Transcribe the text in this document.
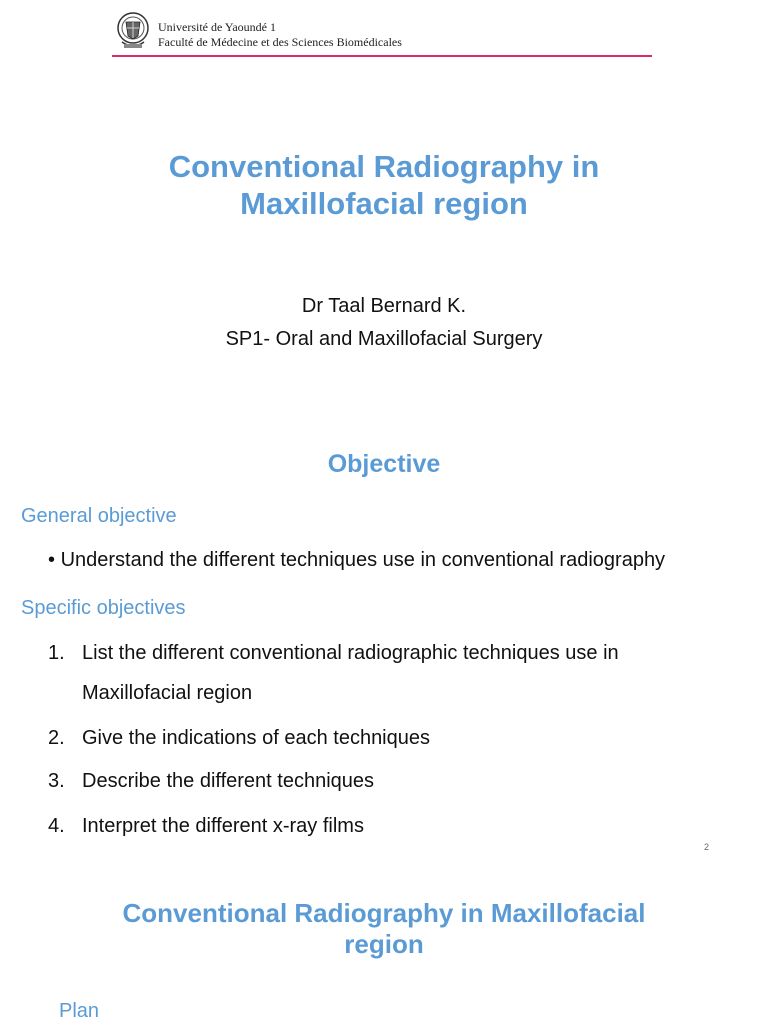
Université de Yaoundé 1
Faculté de Médecine et des Sciences Biomédicales
Conventional Radiography in
Maxillofacial region
Dr Taal Bernard K.
SP1- Oral and Maxillofacial Surgery
Objective
General objective
• Understand the different techniques use in conventional radiography
Specific objectives
1. List the different conventional radiographic techniques use in
Maxillofacial region
2. Give the indications of each techniques
3. Describe the different techniques
4. Interpret the different x-ray films
2
Conventional Radiography in Maxillofacial
region
Plan
